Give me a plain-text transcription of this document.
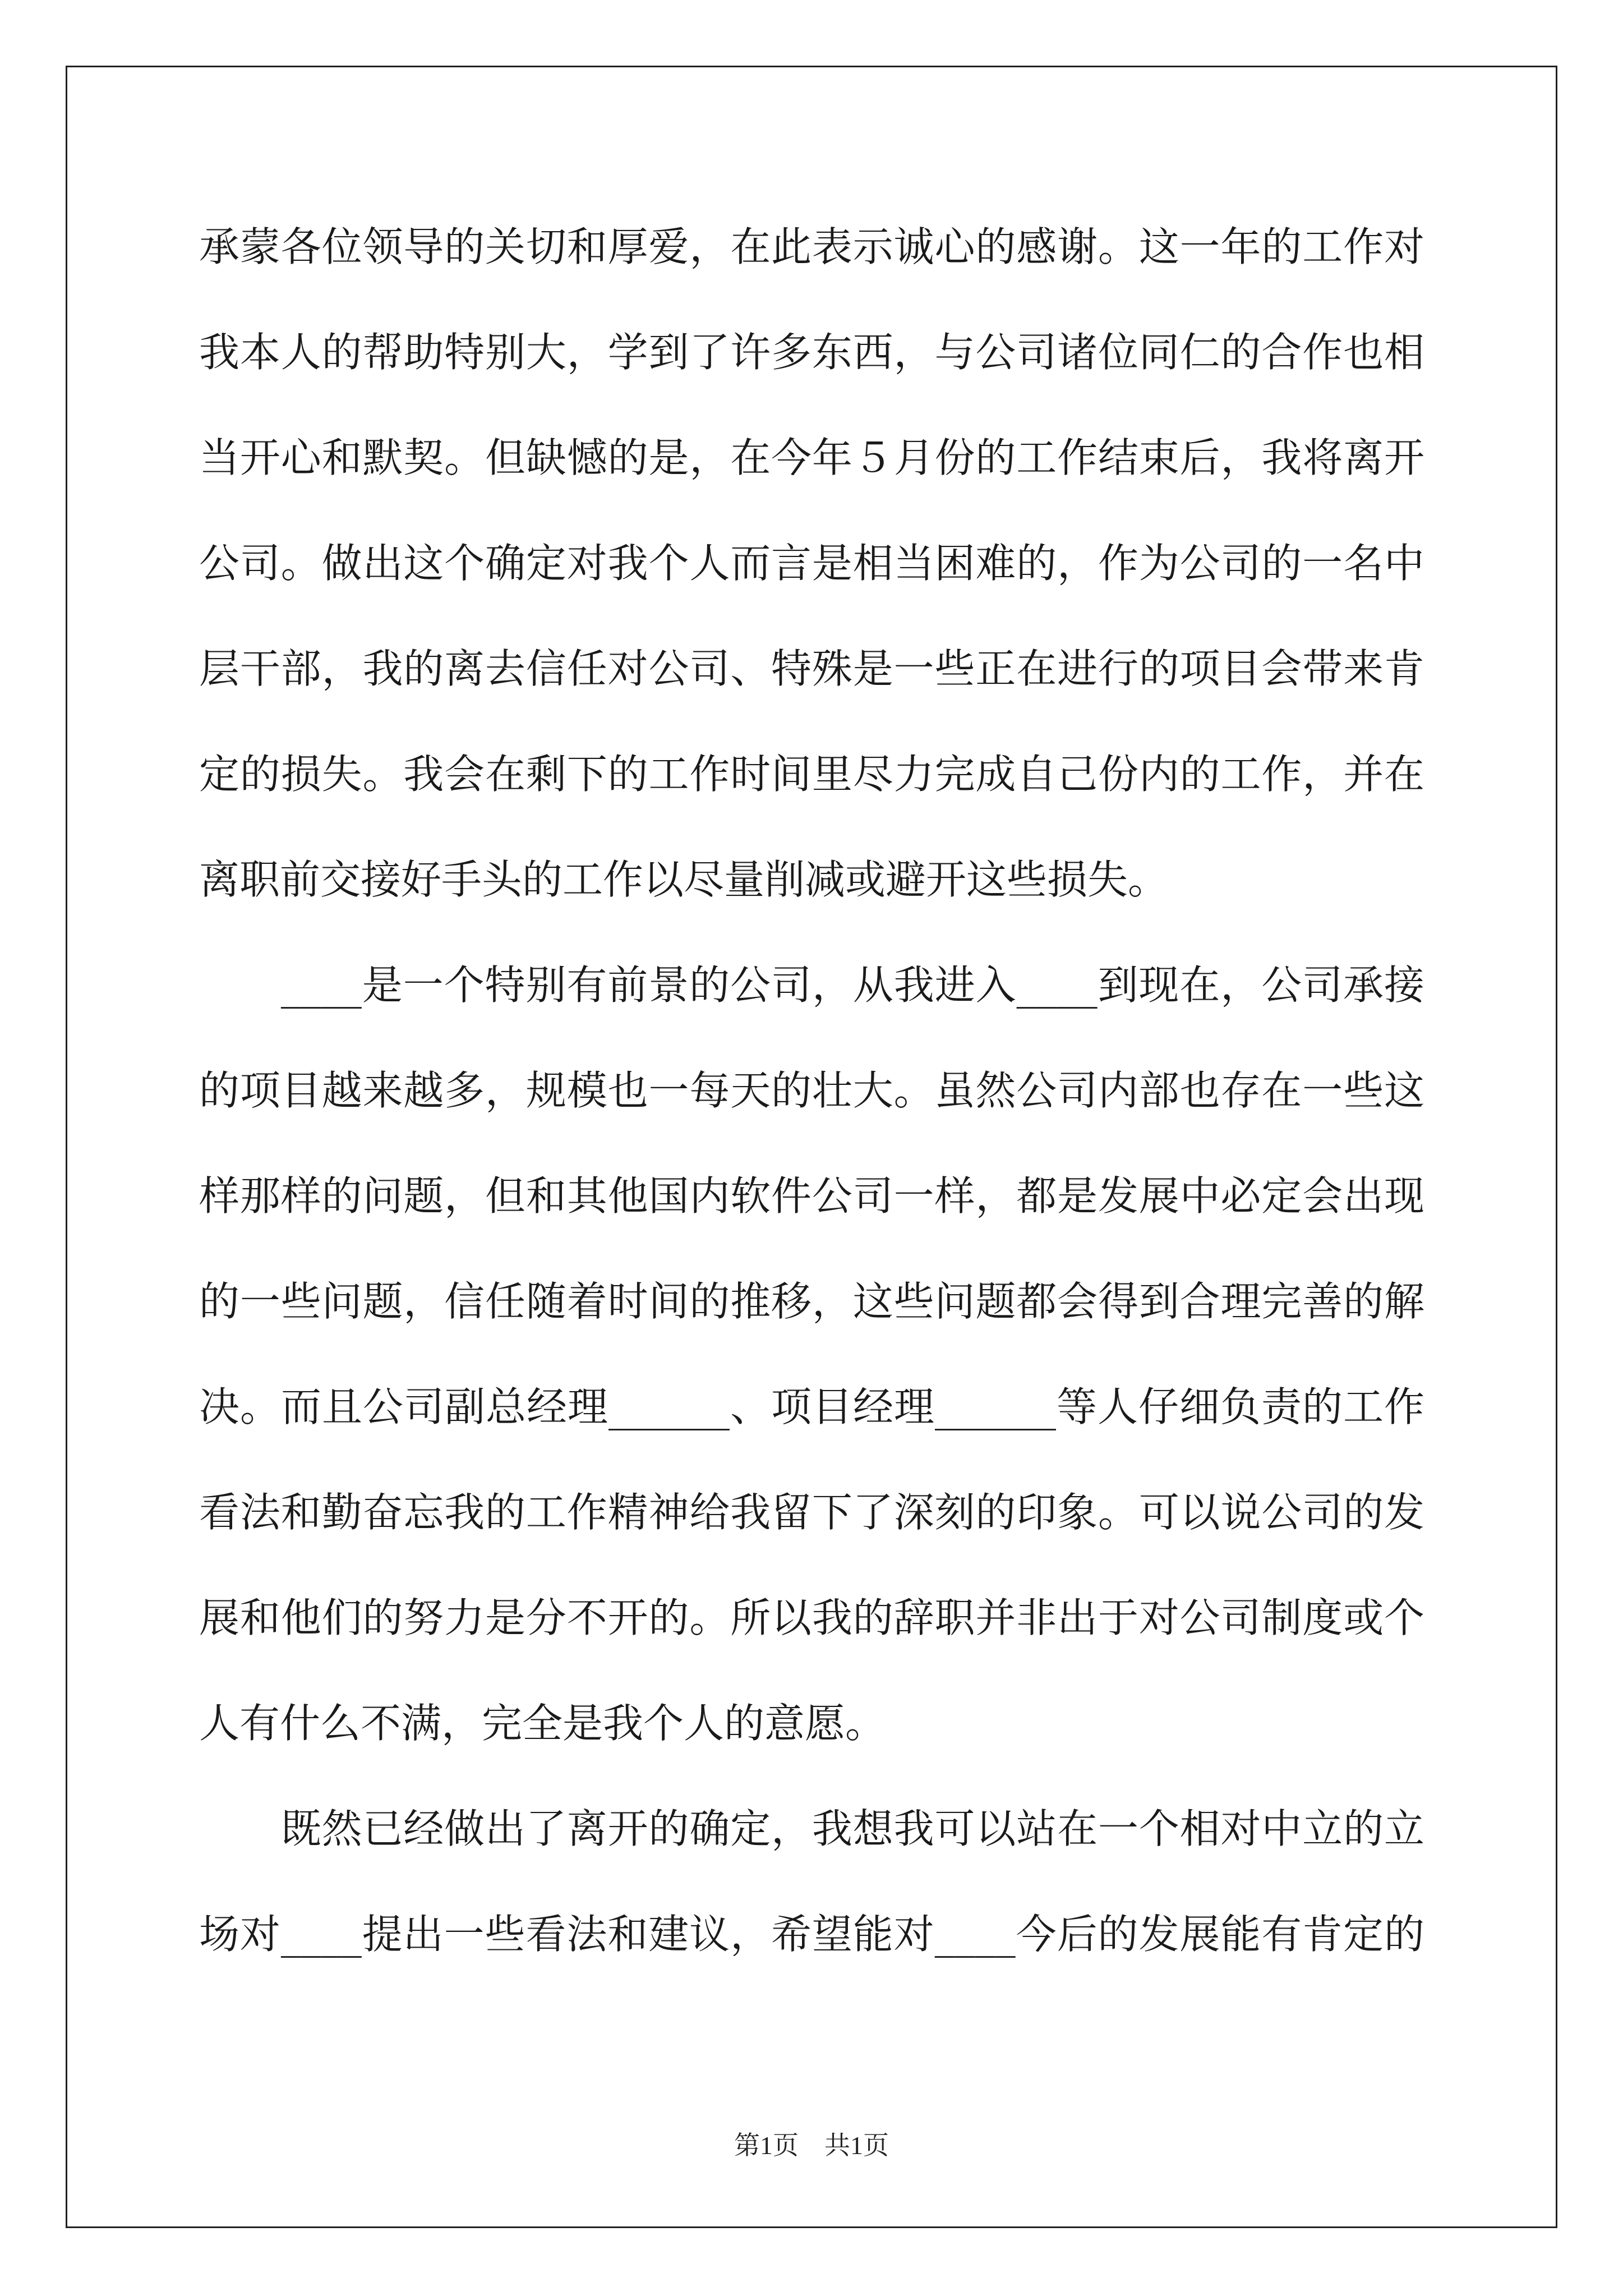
承蒙各位领导的关切和厚爱，在此表示诚心的感谢。这一年的工作对
我本人的帮助特别大，学到了许多东西，与公司诸位同仁的合作也相
当开心和默契。但缺憾的是，在今年５月份的工作结束后，我将离开
公司。做出这个确定对我个人而言是相当困难的，作为公司的一名中
层干部，我的离去信任对公司、特殊是一些正在进行的项目会带来肯
定的损失。我会在剩下的工作时间里尽力完成自己份内的工作，并在
离职前交接好手头的工作以尽量削减或避开这些损失。
　　____是一个特别有前景的公司，从我进入____到现在，公司承接
的项目越来越多，规模也一每天的壮大。虽然公司内部也存在一些这
样那样的问题，但和其他国内软件公司一样，都是发展中必定会出现
的一些问题，信任随着时间的推移，这些问题都会得到合理完善的解
决。而且公司副总经理______、项目经理______等人仔细负责的工作
看法和勤奋忘我的工作精神给我留下了深刻的印象。可以说公司的发
展和他们的努力是分不开的。所以我的辞职并非出于对公司制度或个
人有什么不满，完全是我个人的意愿。
　　既然已经做出了离开的确定，我想我可以站在一个相对中立的立
场对____提出一些看法和建议，希望能对____今后的发展能有肯定的
第1页　共1页
